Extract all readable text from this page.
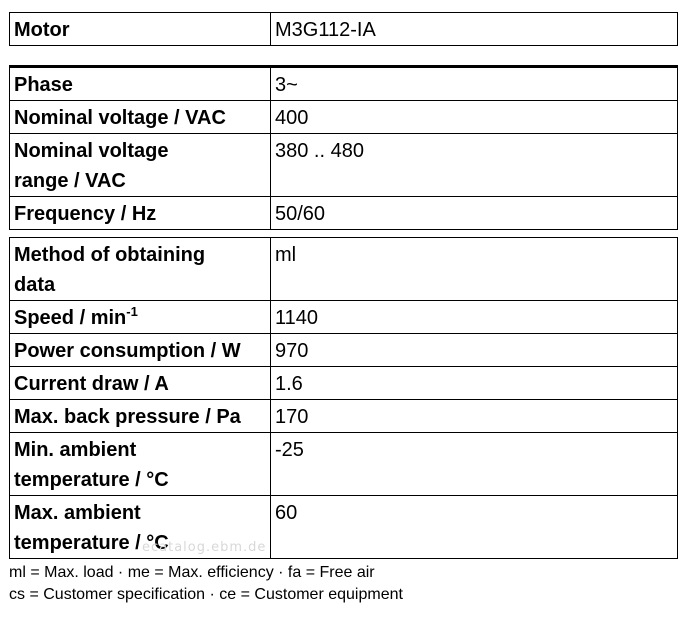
Motor	M3G112-IA
Phase	3~
Nominal voltage / VAC	400
Nominal voltage
range / VAC	380 .. 480
Frequency / Hz	50/60
Method of obtaining
data	ml
Speed / $\min^{-1}$	1140
Power consumption / W	970
Current draw / A	1.6
Max. back pressure / Pa	170
Min. ambient
temperature / °C	-25
Max. ambient
temperature / °C	60
ecatalog.ebm.de
ml = Max. load · me = Max. efficiency · fa = Free air
cs = Customer specification · ce = Customer equipment
